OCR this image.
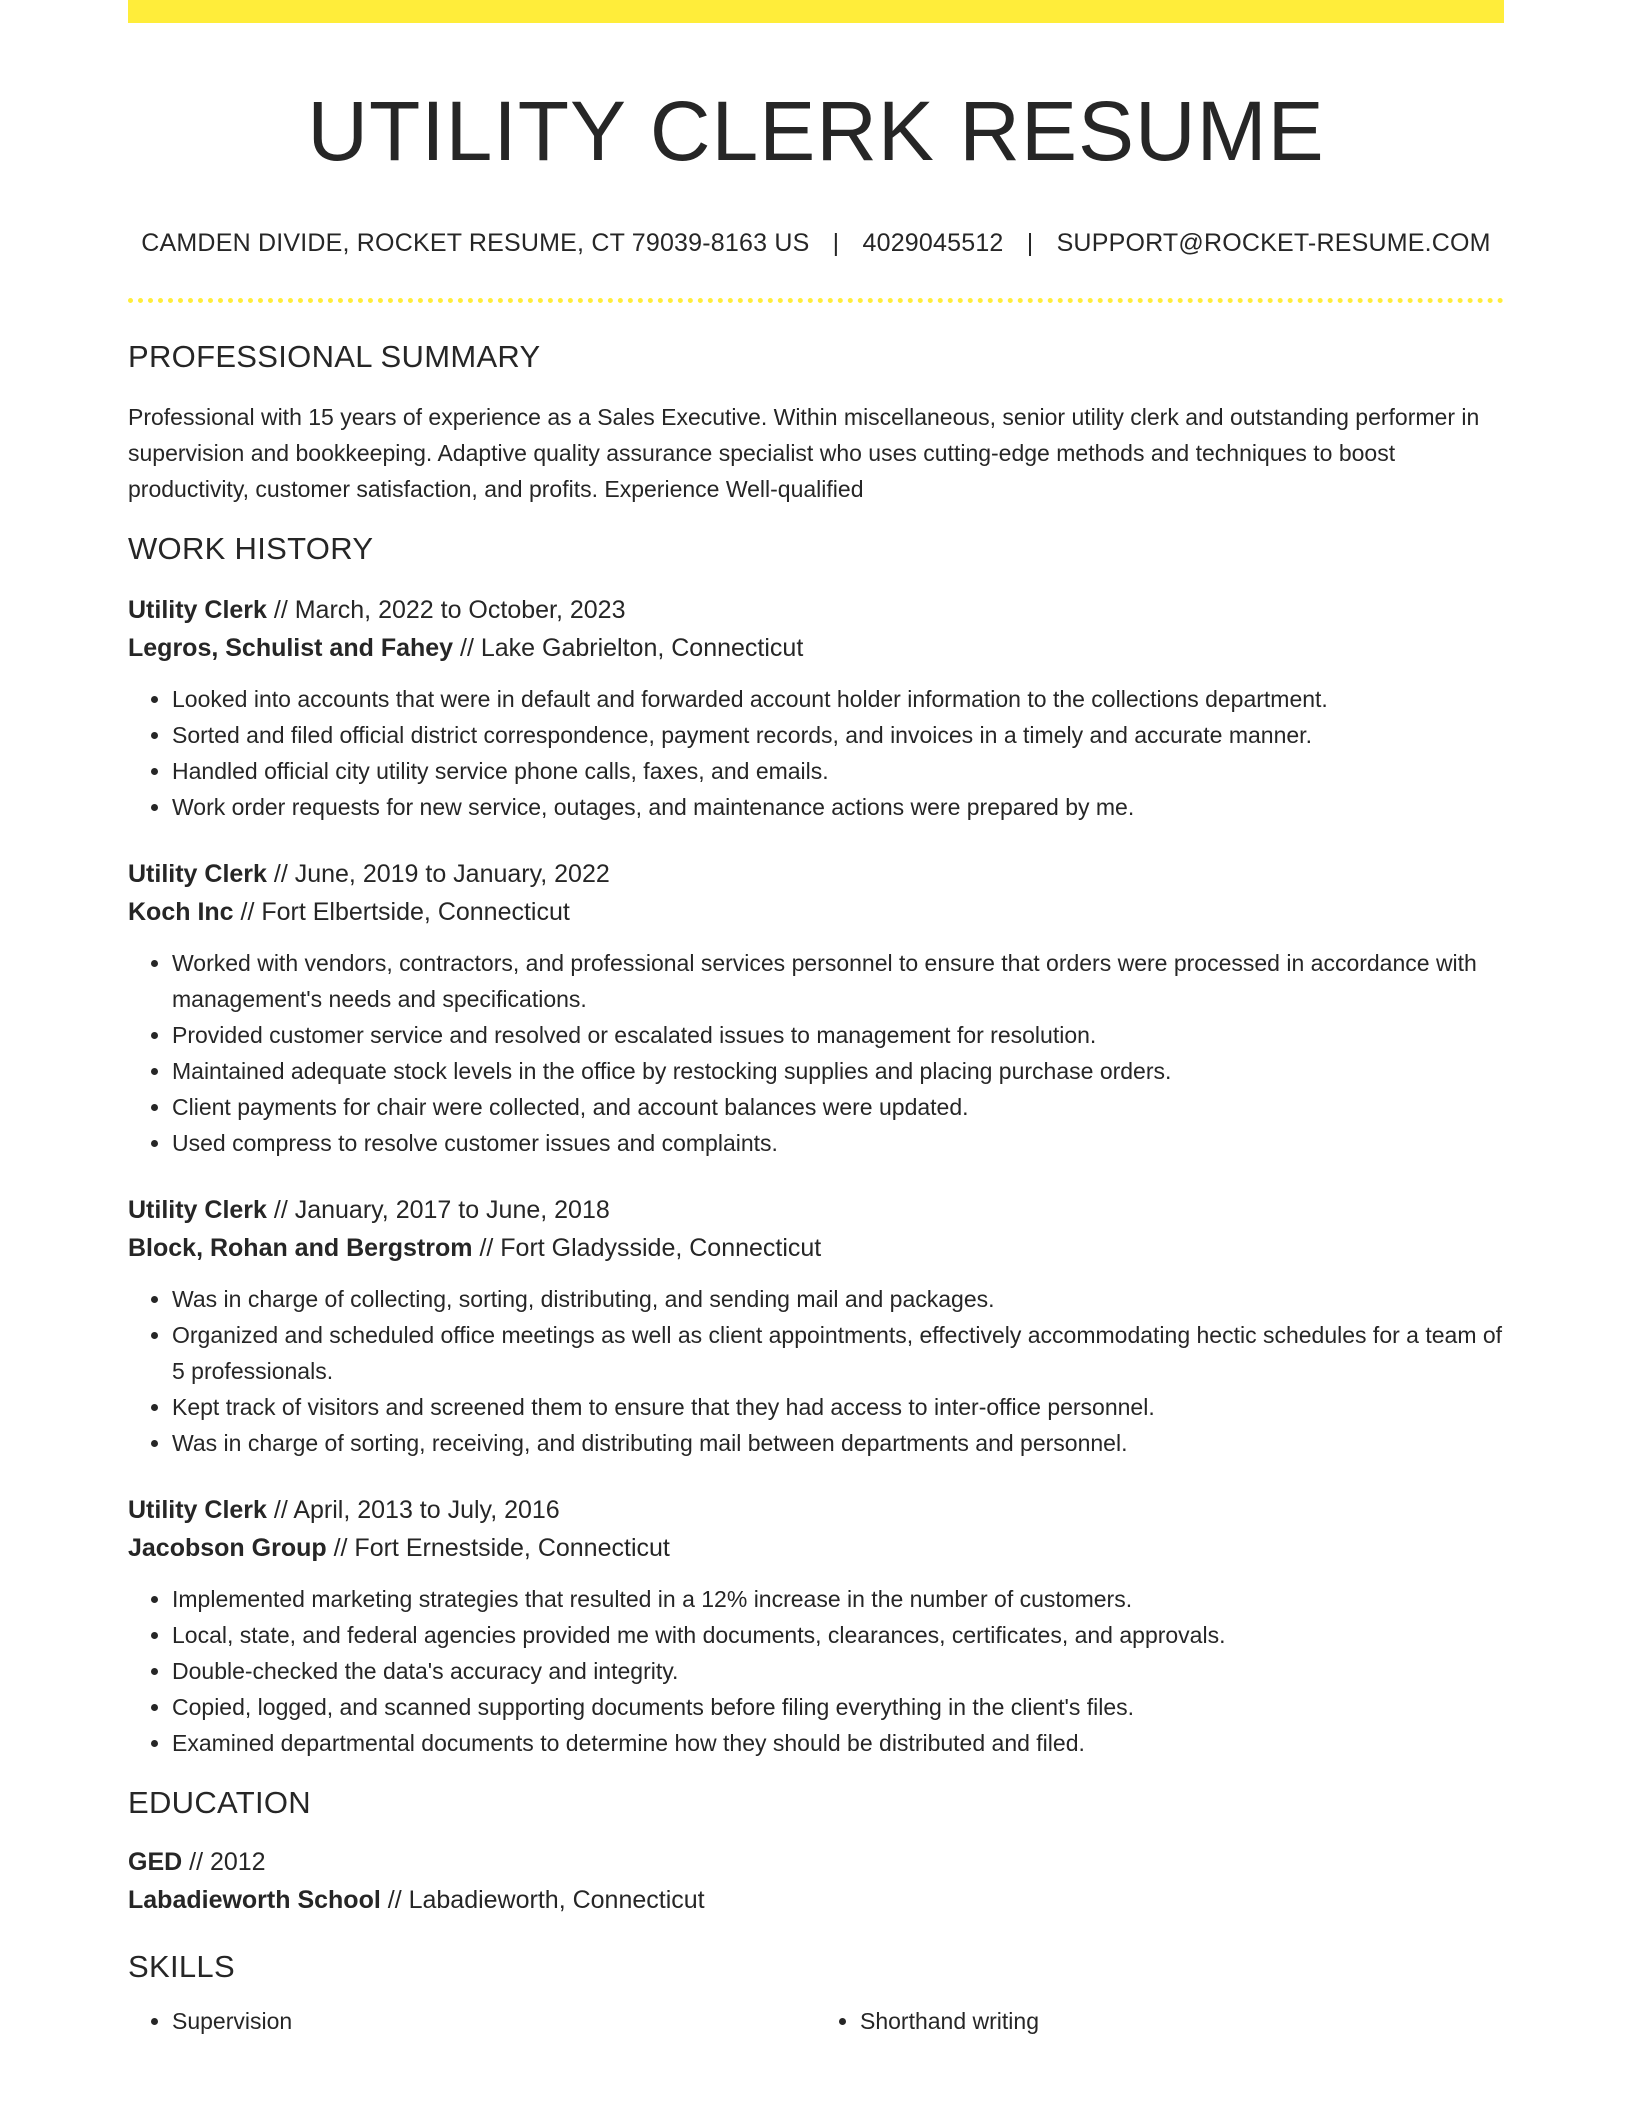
UTILITY CLERK RESUME
CAMDEN DIVIDE, ROCKET RESUME, CT 79039-8163 US | 4029045512 | SUPPORT@ROCKET-RESUME.COM
PROFESSIONAL SUMMARY

Professional with 15 years of experience as a Sales Executive. Within miscellaneous, senior utility clerk and outstanding performer in supervision and bookkeeping. Adaptive quality assurance specialist who uses cutting-edge methods and techniques to boost productivity, customer satisfaction, and profits. Experience Well-qualified

WORK HISTORY
Utility Clerk // March, 2022 to October, 2023
Legros, Schulist and Fahey // Lake Gabrielton, Connecticut
• Looked into accounts that were in default and forwarded account holder information to the collections department.
• Sorted and filed official district correspondence, payment records, and invoices in a timely and accurate manner.
• Handled official city utility service phone calls, faxes, and emails.
• Work order requests for new service, outages, and maintenance actions were prepared by me.
Utility Clerk // June, 2019 to January, 2022
Koch Inc // Fort Elbertside, Connecticut
• Worked with vendors, contractors, and professional services personnel to ensure that orders were processed in accordance with management's needs and specifications.
• Provided customer service and resolved or escalated issues to management for resolution.
• Maintained adequate stock levels in the office by restocking supplies and placing purchase orders.
• Client payments for chair were collected, and account balances were updated.
• Used compress to resolve customer issues and complaints.
Utility Clerk // January, 2017 to June, 2018
Block, Rohan and Bergstrom // Fort Gladysside, Connecticut
• Was in charge of collecting, sorting, distributing, and sending mail and packages.
• Organized and scheduled office meetings as well as client appointments, effectively accommodating hectic schedules for a team of 5 professionals.
• Kept track of visitors and screened them to ensure that they had access to inter-office personnel.
• Was in charge of sorting, receiving, and distributing mail between departments and personnel.
Utility Clerk // April, 2013 to July, 2016
Jacobson Group // Fort Ernestside, Connecticut
• Implemented marketing strategies that resulted in a 12% increase in the number of customers.
• Local, state, and federal agencies provided me with documents, clearances, certificates, and approvals.
• Double-checked the data's accuracy and integrity.
• Copied, logged, and scanned supporting documents before filing everything in the client's files.
• Examined departmental documents to determine how they should be distributed and filed.
EDUCATION
GED // 2012
Labadieworth School // Labadieworth, Connecticut
SKILLS
• Supervision
•	Shorthand writing
